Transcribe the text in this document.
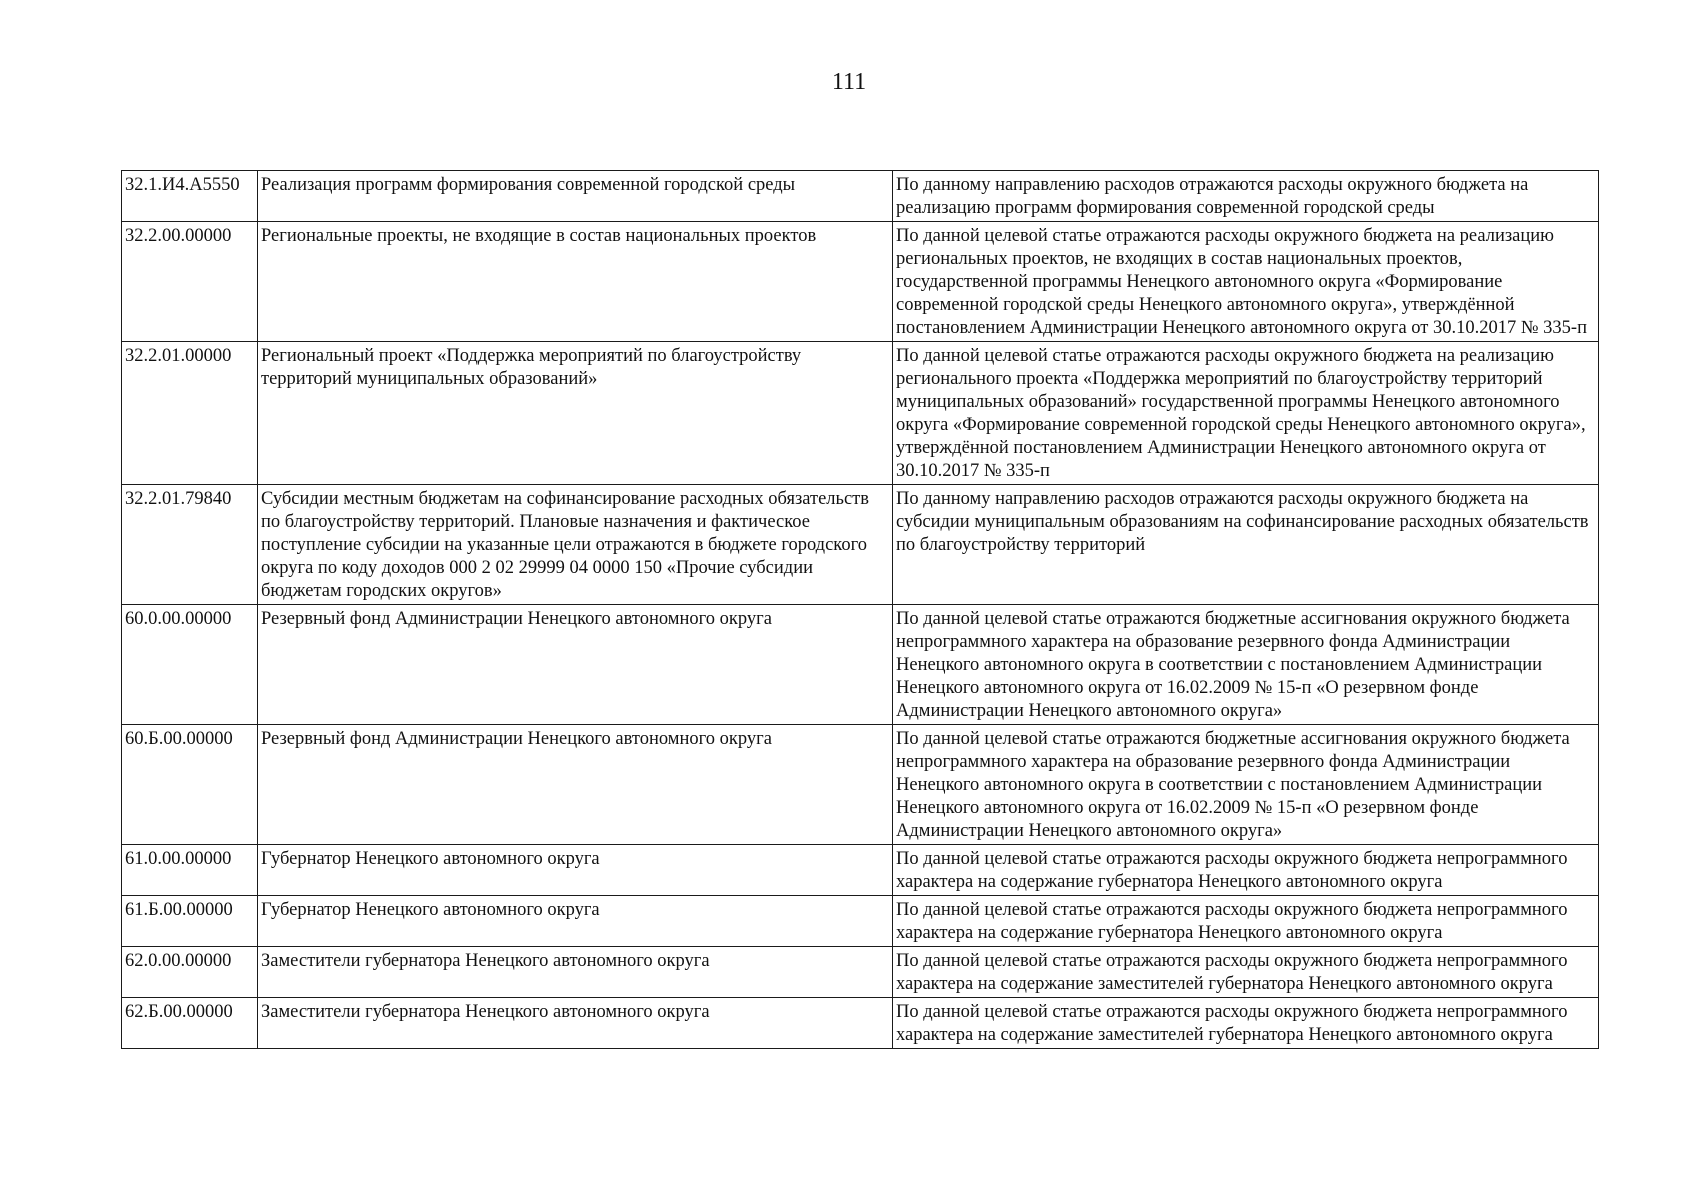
111
32.1.И4.А5550	Реализация программ формирования современной городской среды	По данному направлению расходов отражаются расходы окружного бюджета на реализацию программ формирования современной городской среды
32.2.00.00000	Региональные проекты, не входящие в состав национальных проектов	По данной целевой статье отражаются расходы окружного бюджета на реализацию региональных проектов, не входящих в состав национальных проектов, государственной программы Ненецкого автономного округа «Формирование современной городской среды Ненецкого автономного округа», утверждённой постановлением Администрации Ненецкого автономного округа от 30.10.2017 № 335-п
32.2.01.00000	Региональный проект «Поддержка мероприятий по благоустройству территорий муниципальных образований»	По данной целевой статье отражаются расходы окружного бюджета на реализацию регионального проекта «Поддержка мероприятий по благоустройству территорий муниципальных образований» государственной программы Ненецкого автономного округа «Формирование современной городской среды Ненецкого автономного округа», утверждённой постановлением Администрации Ненецкого автономного округа от 30.10.2017 № 335-п
32.2.01.79840	Субсидии местным бюджетам на софинансирование расходных обязательств по благоустройству территорий. Плановые назначения и фактическое поступление субсидии на указанные цели отражаются в бюджете городского округа по коду доходов 000 2 02 29999 04 0000 150 «Прочие субсидии бюджетам городских округов»	По данному направлению расходов отражаются расходы окружного бюджета на субсидии муниципальным образованиям на софинансирование расходных обязательств по благоустройству территорий
60.0.00.00000	Резервный фонд Администрации Ненецкого автономного округа	По данной целевой статье отражаются бюджетные ассигнования окружного бюджета непрограммного характера на образование резервного фонда Администрации Ненецкого автономного округа в соответствии с постановлением Администрации Ненецкого автономного округа от 16.02.2009 № 15-п «О резервном фонде Администрации Ненецкого автономного округа»
60.Б.00.00000	Резервный фонд Администрации Ненецкого автономного округа	По данной целевой статье отражаются бюджетные ассигнования окружного бюджета непрограммного характера на образование резервного фонда Администрации Ненецкого автономного округа в соответствии с постановлением Администрации Ненецкого автономного округа от 16.02.2009 № 15-п «О резервном фонде Администрации Ненецкого автономного округа»
61.0.00.00000	Губернатор Ненецкого автономного округа	По данной целевой статье отражаются расходы окружного бюджета непрограммного характера на содержание губернатора Ненецкого автономного округа
61.Б.00.00000	Губернатор Ненецкого автономного округа	По данной целевой статье отражаются расходы окружного бюджета непрограммного характера на содержание губернатора Ненецкого автономного округа
62.0.00.00000	Заместители губернатора Ненецкого автономного округа	По данной целевой статье отражаются расходы окружного бюджета непрограммного характера на содержание заместителей губернатора Ненецкого автономного округа
62.Б.00.00000	Заместители губернатора Ненецкого автономного округа	По данной целевой статье отражаются расходы окружного бюджета непрограммного характера на содержание заместителей губернатора Ненецкого автономного округа
